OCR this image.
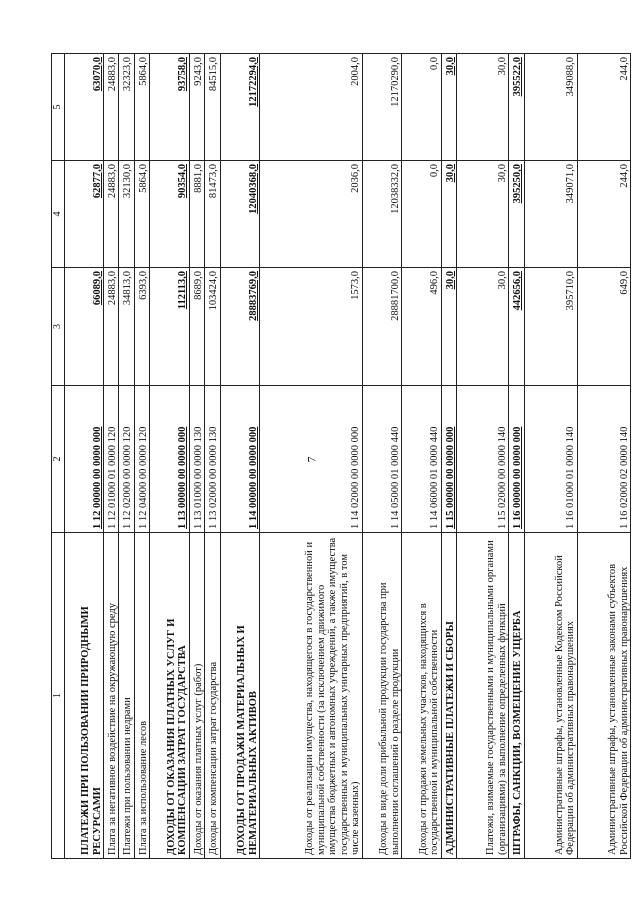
7
1	2	3	4	5
ПЛАТЕЖИ ПРИ ПОЛЬЗОВАНИИ ПРИРОДНЫМИ РЕСУРСАМИ	1 12 00000 00 0000 000	66089,0	62877,0	63070,0
Плата за негативное воздействие на окружающую среду	1 12 01000 01 0000 120	24883,0	24883,0	24883,0
Платежи при пользовании недрами	1 12 02000 00 0000 120	34813,0	32130,0	32323,0
Плата за использование лесов	1 12 04000 00 0000 120	6393,0	5864,0	5864,0
ДОХОДЫ ОТ ОКАЗАНИЯ ПЛАТНЫХ УСЛУГ И КОМПЕНСАЦИИ ЗАТРАТ ГОСУДАРСТВА	1 13 00000 00 0000 000	112113,0	90354,0	93758,0
Доходы от оказания платных услуг (работ)	1 13 01000 00 0000 130	8689,0	8881,0	9243,0
Доходы от компенсации затрат государства	1 13 02000 00 0000 130	103424,0	81473,0	84515,0
ДОХОДЫ ОТ ПРОДАЖИ МАТЕРИАЛЬНЫХ И НЕМАТЕРИАЛЬНЫХ АКТИВОВ	1 14 00000 00 0000 000	28883769,0	12040368,0	12172294,0
Доходы от реализации имущества, находящегося в государственной и муниципальной собственности (за исключением движимого имущества бюджетных и автономных учреждений, а также имущества государственных и муниципальных унитарных предприятий, в том числе казенных)	1 14 02000 00 0000 000	1573,0	2036,0	2004,0
Доходы в виде доли прибыльной продукции государства при выполнении соглашений о разделе продукции	1 14 05000 01 0000 440	28881700,0	12038332,0	12170290,0
Доходы от продажи земельных участков, находящихся в государственной и муниципальной собственности	1 14 06000 01 0000 440	496,0	0,0	0,0
АДМИНИСТРАТИВНЫЕ ПЛАТЕЖИ И СБОРЫ	1 15 00000 00 0000 000	30,0	30,0	30,0
Платежи, взимаемые государственными и муниципальными органами (организациями) за выполнение определенных функций	1 15 02000 00 0000 140	30,0	30,0	30,0
ШТРАФЫ, САНКЦИИ, ВОЗМЕЩЕНИЕ УЩЕРБА	1 16 00000 00 0000 000	442656,0	395250,0	395522,0
Административные штрафы, установленные Кодексом Российской Федерации об административных правонарушениях	1 16 01000 01 0000 140	395710,0	349071,0	349088,0
Административные штрафы, установленные законами субъектов Российской Федерации об административных правонарушениях	1 16 02000 02 0000 140	649,0	244,0	244,0
